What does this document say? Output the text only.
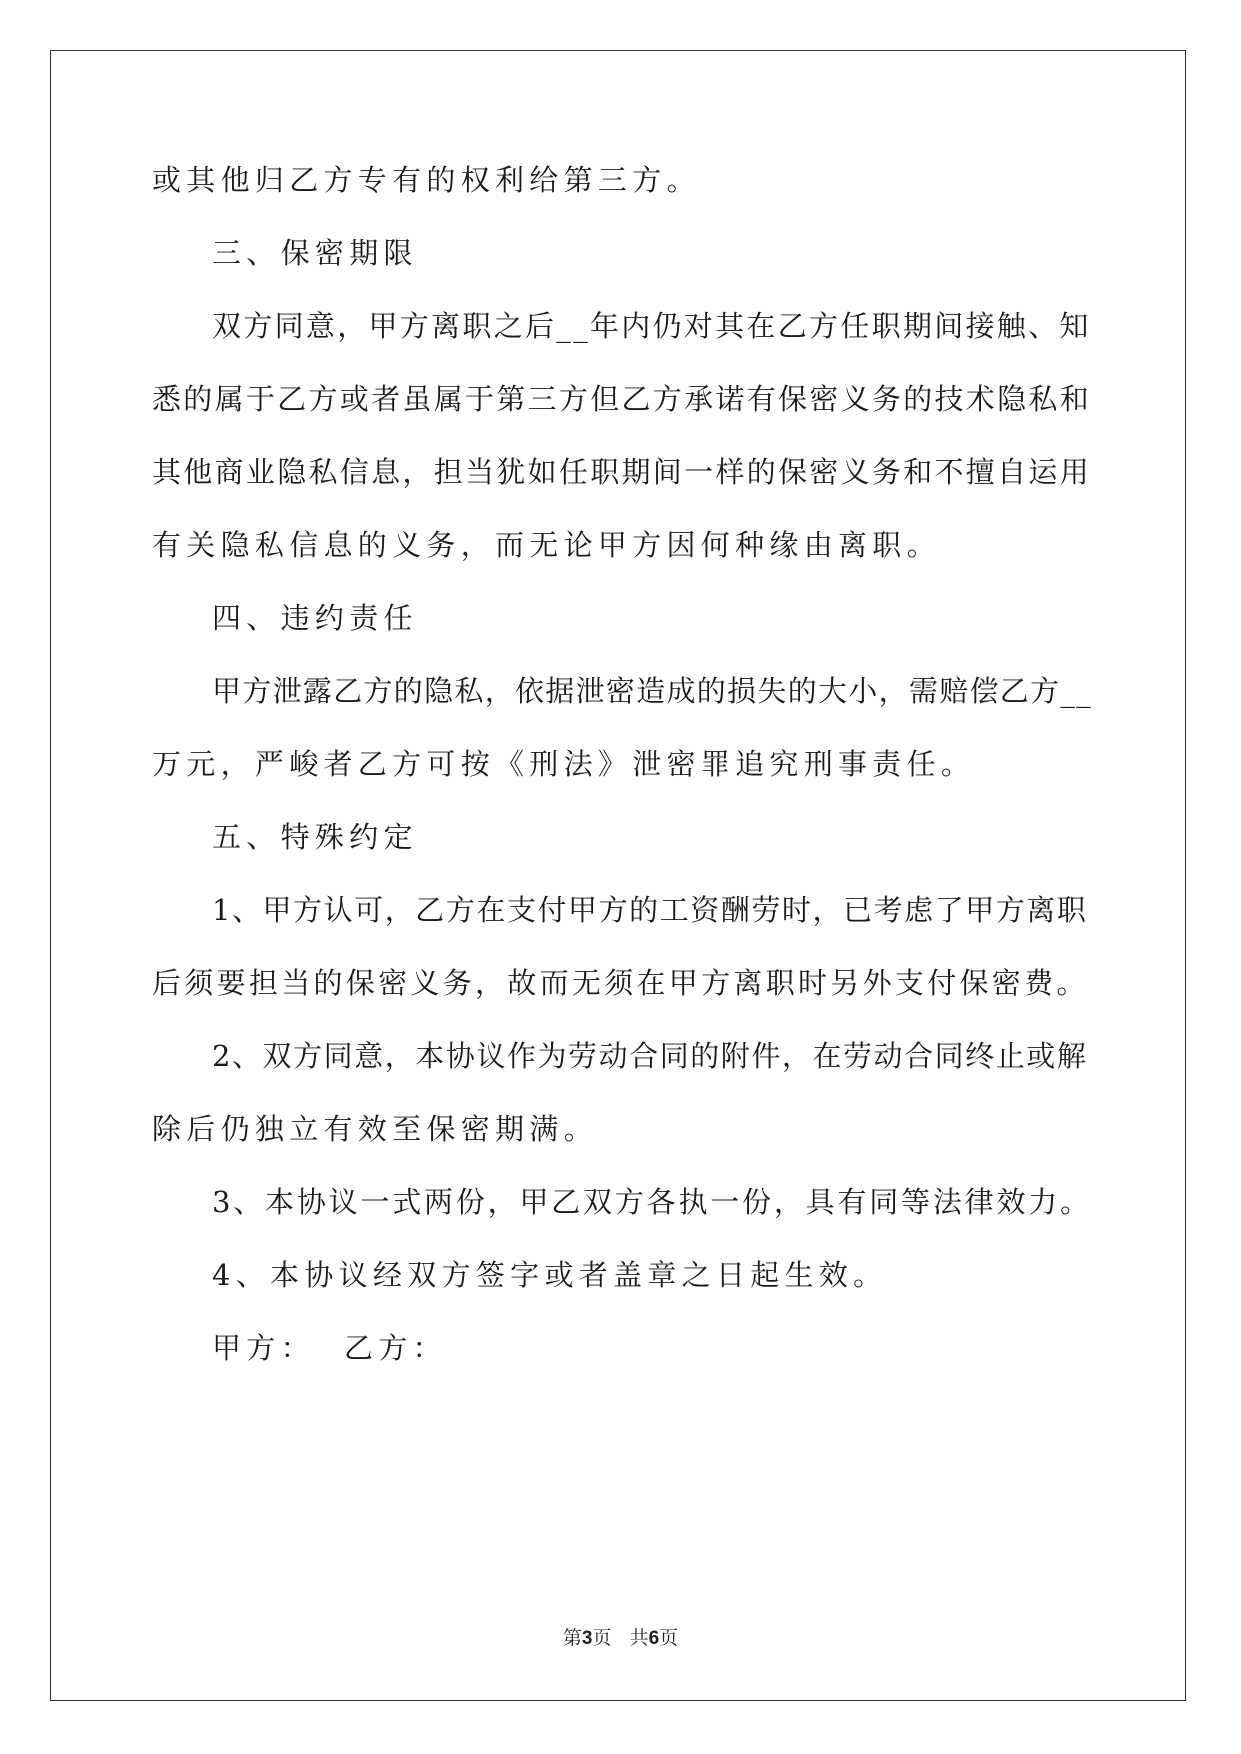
或其他归乙方专有的权利给第三方。
三、保密期限
双方同意，甲方离职之后__年内仍对其在乙方任职期间接触、知
悉的属于乙方或者虽属于第三方但乙方承诺有保密义务的技术隐私和
其他商业隐私信息，担当犹如任职期间一样的保密义务和不擅自运用
有关隐私信息的义务，而无论甲方因何种缘由离职。
四、违约责任
甲方泄露乙方的隐私，依据泄密造成的损失的大小，需赔偿乙方__
万元，严峻者乙方可按《刑法》泄密罪追究刑事责任。
五、特殊约定
1、甲方认可，乙方在支付甲方的工资酬劳时，已考虑了甲方离职
后须要担当的保密义务，故而无须在甲方离职时另外支付保密费。
2、双方同意，本协议作为劳动合同的附件，在劳动合同终止或解
除后仍独立有效至保密期满。
3、本协议一式两份，甲乙双方各执一份，具有同等法律效力。
4、本协议经双方签字或者盖章之日起生效。
甲方：  乙方：
第3页   共6页
